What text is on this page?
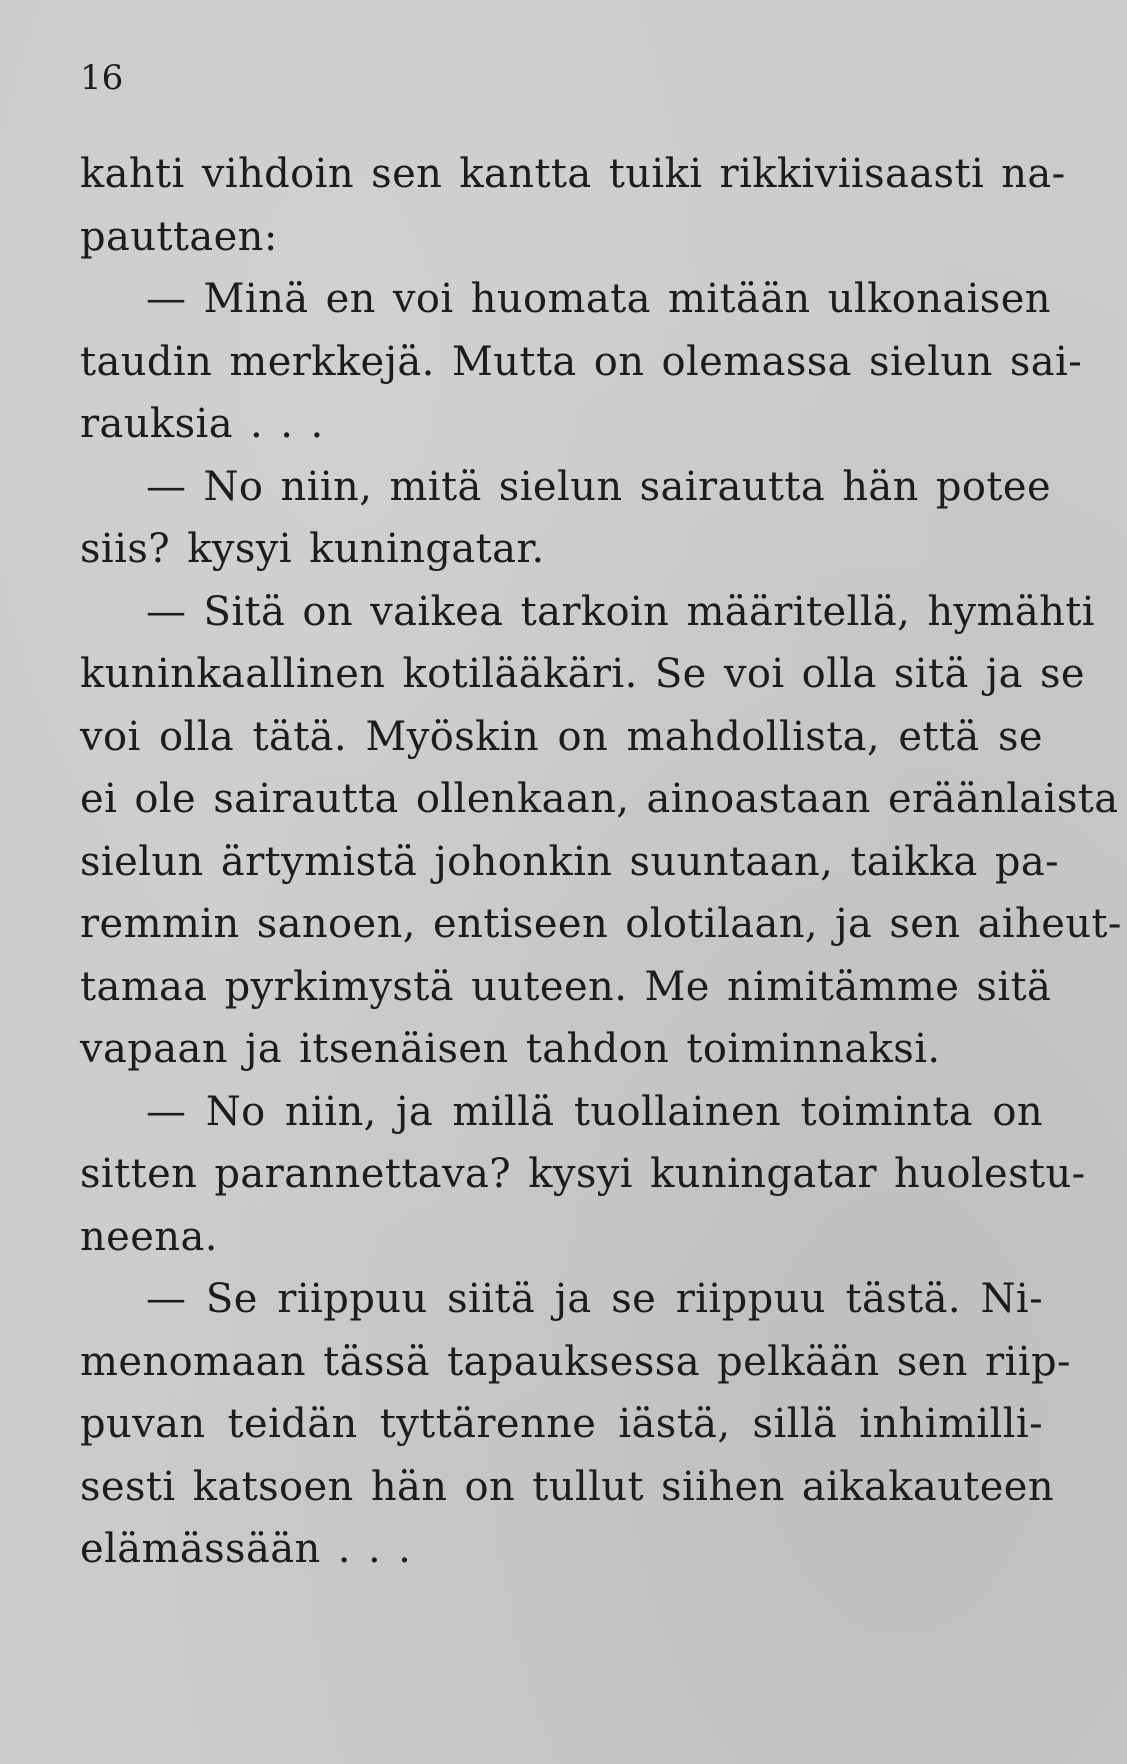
16

kahti vihdoin sen kantta tuiki rikkiviisaasti na-
pauttaen:

— Minä en voi huomata mitään ulkonaisen
taudin merkkejä. Mutta on olemassa sielun sai-
rauksia . . .

— No niin, mitä sielun sairautta hän potee
siis? kysyi kuningatar.

— Sitä on vaikea tarkoin määritellä, hymähti
kuninkaallinen kotilääkäri. Se voi olla sitä ja se
voi olla tätä. Myöskin on mahdollista, että se
ei ole sairautta ollenkaan, ainoastaan eräänlaista
sielun ärtymistä johonkin suuntaan, taikka pa-
remmin sanoen, entiseen olotilaan, ja sen aiheut-
tamaa pyrkimystä uuteen. Me nimitämme sitä
vapaan ja itsenäisen tahdon toiminnaksi.

— No niin, ja millä tuollainen toiminta on
sitten parannettava? kysyi kuningatar huolestu-
neena.

— Se riippuu siitä ja se riippuu tästä. Ni-
menomaan tässä tapauksessa pelkään sen riip-
puvan teidän tyttärenne iästä, sillä inhimilli-
sesti katsoen hän on tullut siihen aikakauteen
elämässään . . .
